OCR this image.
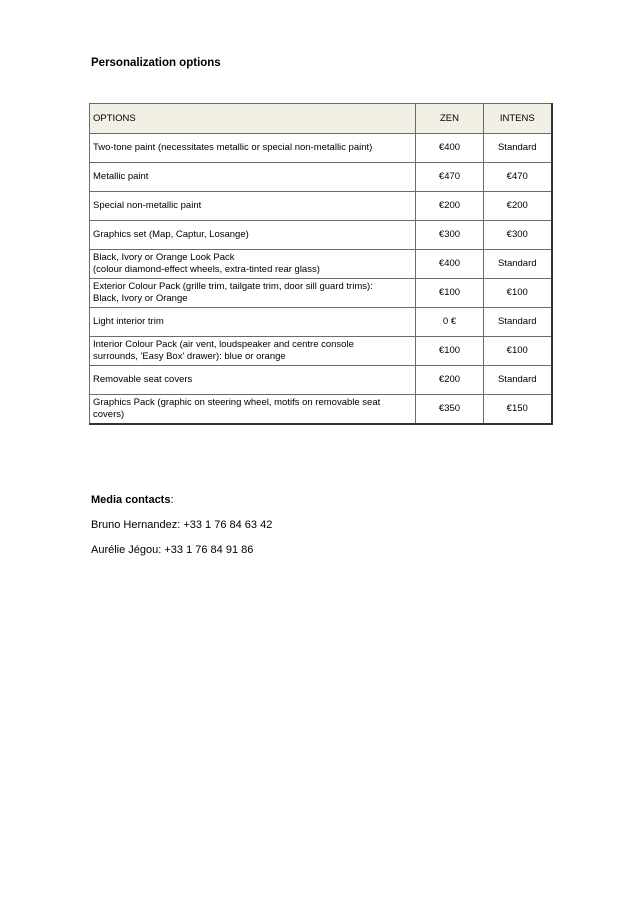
Personalization options

OPTIONS	ZEN	INTENS
Two-tone paint (necessitates metallic or special non-metallic paint)	€400	Standard
Metallic paint	€470	€470
Special non-metallic paint	€200	€200
Graphics set (Map, Captur, Losange)	€300	€300
Black, Ivory or Orange Look Pack
(colour diamond-effect wheels, extra-tinted rear glass)	€400	Standard
Exterior Colour Pack (grille trim, tailgate trim, door sill guard trims):
Black, Ivory or Orange	€100	€100
Light interior trim	0 €	Standard
Interior Colour Pack (air vent, loudspeaker and centre console
surrounds, 'Easy Box' drawer): blue or orange	€100	€100
Removable seat covers	€200	Standard
Graphics Pack (graphic on steering wheel, motifs on removable seat
covers)	€350	€150

Media contacts:

Bruno Hernandez: +33 1 76 84 63 42

Aurélie Jégou: +33 1 76 84 91 86
